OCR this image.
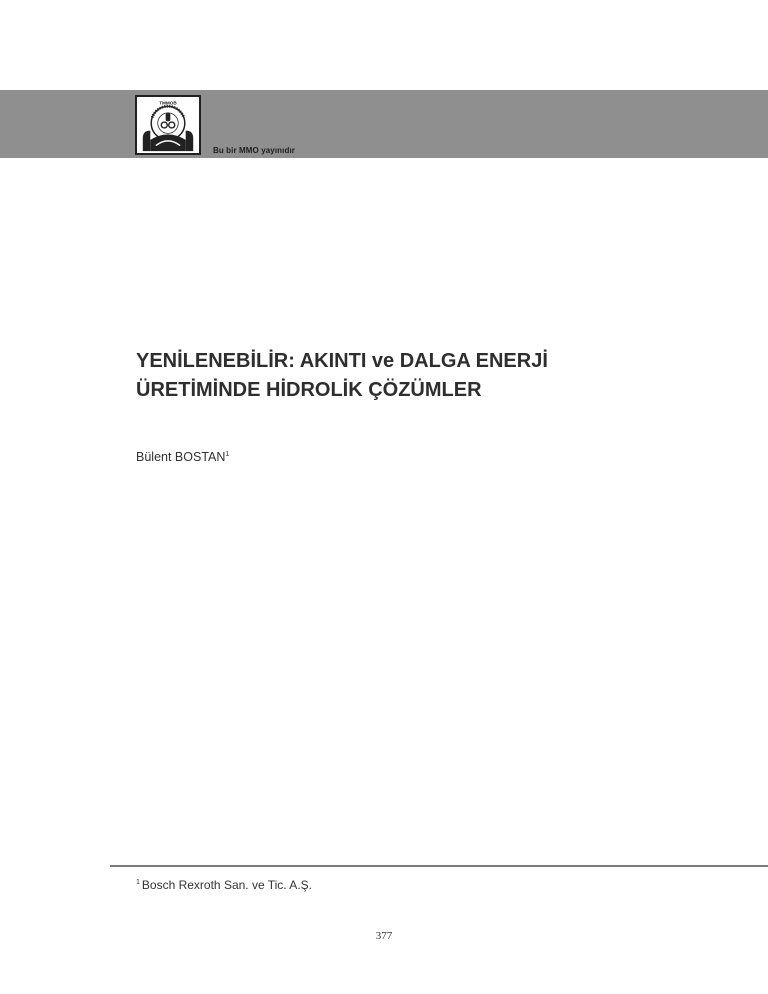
TMMOB
Bu bir MMO yayınıdır
YENİLENEBİLİR: AKINTI ve DALGA ENERJİ
ÜRETİMİNDE HİDROLİK ÇÖZÜMLER
Bülent BOSTAN$^1$
$^1$ Bosch Rexroth San. ve Tic. A.Ş.
377
